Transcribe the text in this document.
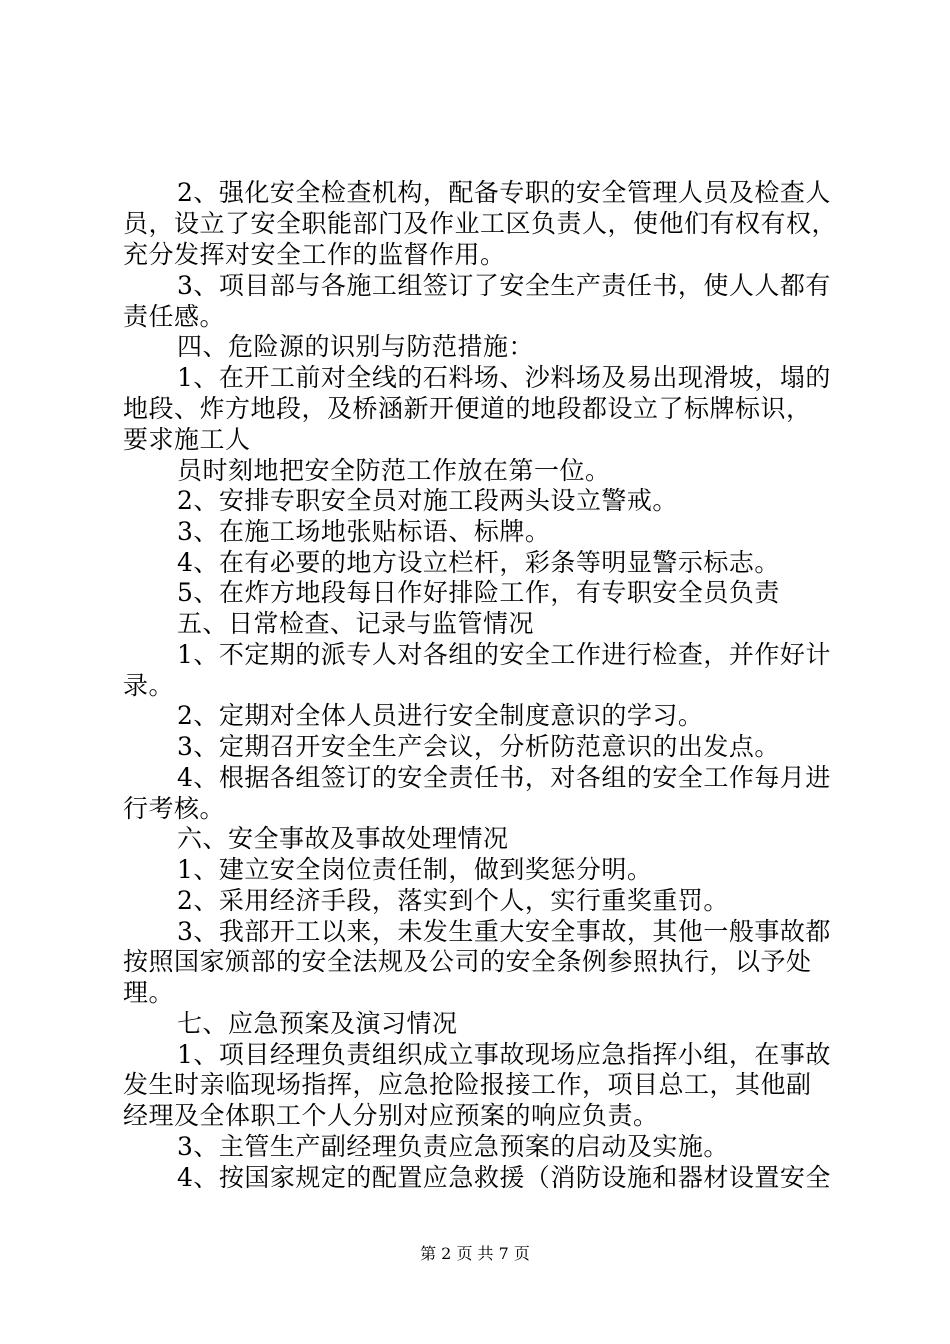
2、强化安全检查机构，配备专职的安全管理人员及检查人
员，设立了安全职能部门及作业工区负责人，使他们有权有权，
充分发挥对安全工作的监督作用。
3、项目部与各施工组签订了安全生产责任书，使人人都有
责任感。
四、危险源的识别与防范措施：
1、在开工前对全线的石料场、沙料场及易出现滑坡，塌的
地段、炸方地段，及桥涵新开便道的地段都设立了标牌标识，
要求施工人
员时刻地把安全防范工作放在第一位。
2、安排专职安全员对施工段两头设立警戒。
3、在施工场地张贴标语、标牌。
4、在有必要的地方设立栏杆，彩条等明显警示标志。
5、在炸方地段每日作好排险工作，有专职安全员负责
五、日常检查、记录与监管情况
1、不定期的派专人对各组的安全工作进行检查，并作好计
录。
2、定期对全体人员进行安全制度意识的学习。
3、定期召开安全生产会议，分析防范意识的出发点。
4、根据各组签订的安全责任书，对各组的安全工作每月进
行考核。
六、安全事故及事故处理情况
1、建立安全岗位责任制，做到奖惩分明。
2、采用经济手段，落实到个人，实行重奖重罚。
3、我部开工以来，未发生重大安全事故，其他一般事故都
按照国家颁部的安全法规及公司的安全条例参照执行，以予处
理。
七、应急预案及演习情况
1、项目经理负责组织成立事故现场应急指挥小组，在事故
发生时亲临现场指挥，应急抢险报接工作，项目总工，其他副
经理及全体职工个人分别对应预案的响应负责。
3、主管生产副经理负责应急预案的启动及实施。
4、按国家规定的配置应急救援（消防设施和器材设置安全
第 2 页 共 7 页
